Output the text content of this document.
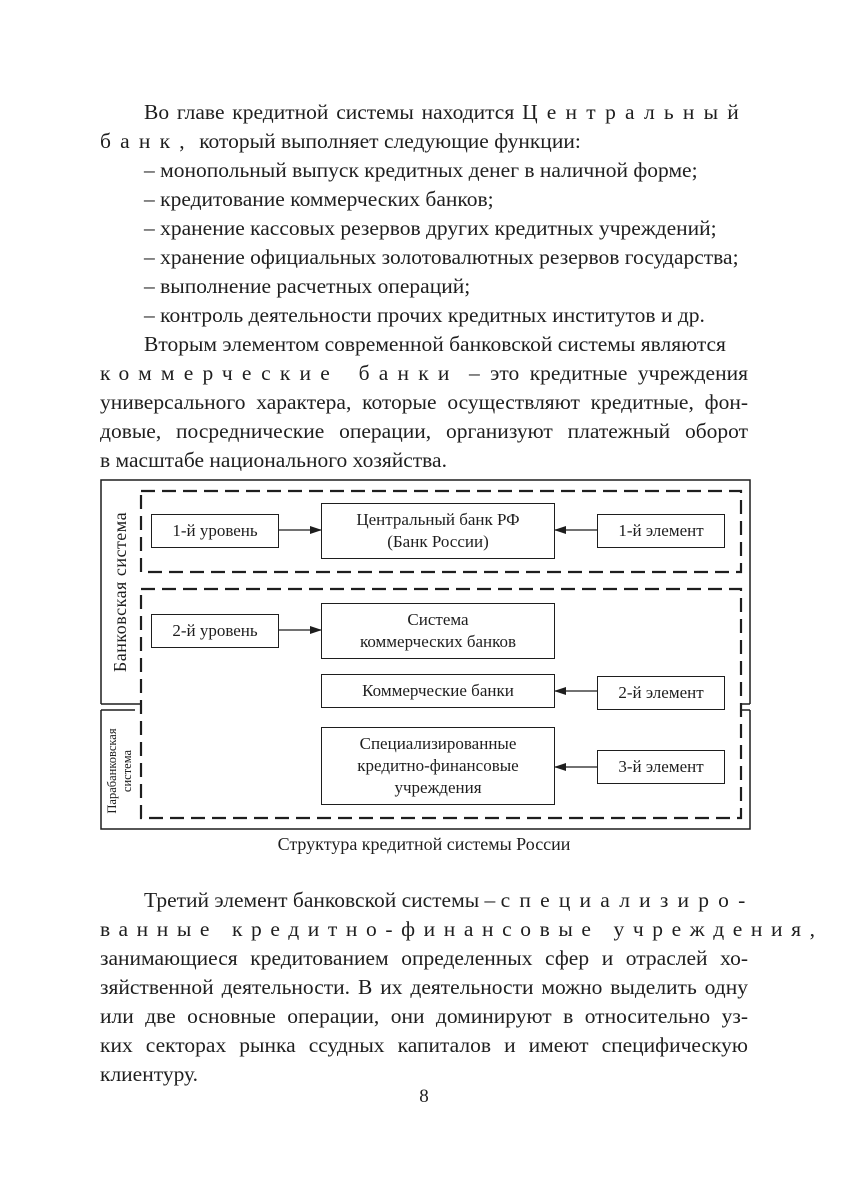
Во главе кредитной системы находится Центральный
банк, который выполняет следующие функции:
– монопольный выпуск кредитных денег в наличной форме;
– кредитование коммерческих банков;
– хранение кассовых резервов других кредитных учреждений;
– хранение официальных золотовалютных резервов государства;
– выполнение расчетных операций;
– контроль деятельности прочих кредитных институтов и др.
Вторым элементом современной банковской системы являются
коммерческие банки – это кредитные учреждения
универсального характера, которые осуществляют кредитные, фон-
довые, посреднические операции, организуют платежный оборот
в масштабе национального хозяйства.
Банковская система
Парабанковская система
1-й уровень
Центральный банк РФ
(Банк России)
1-й элемент
2-й уровень
Система
коммерческих банков
Коммерческие банки	2-й элемент
Специализированные
кредитно-финансовые
учреждения
3-й элемент
Структура кредитной системы России
Третий элемент банковской системы – специализиро-
ванные кредитно-финансовые учреждения,
занимающиеся кредитованием определенных сфер и отраслей хо-
зяйственной деятельности. В их деятельности можно выделить одну
или две основные операции, они доминируют в относительно уз-
ких секторах рынка ссудных капиталов и имеют специфическую
клиентуру.
8
